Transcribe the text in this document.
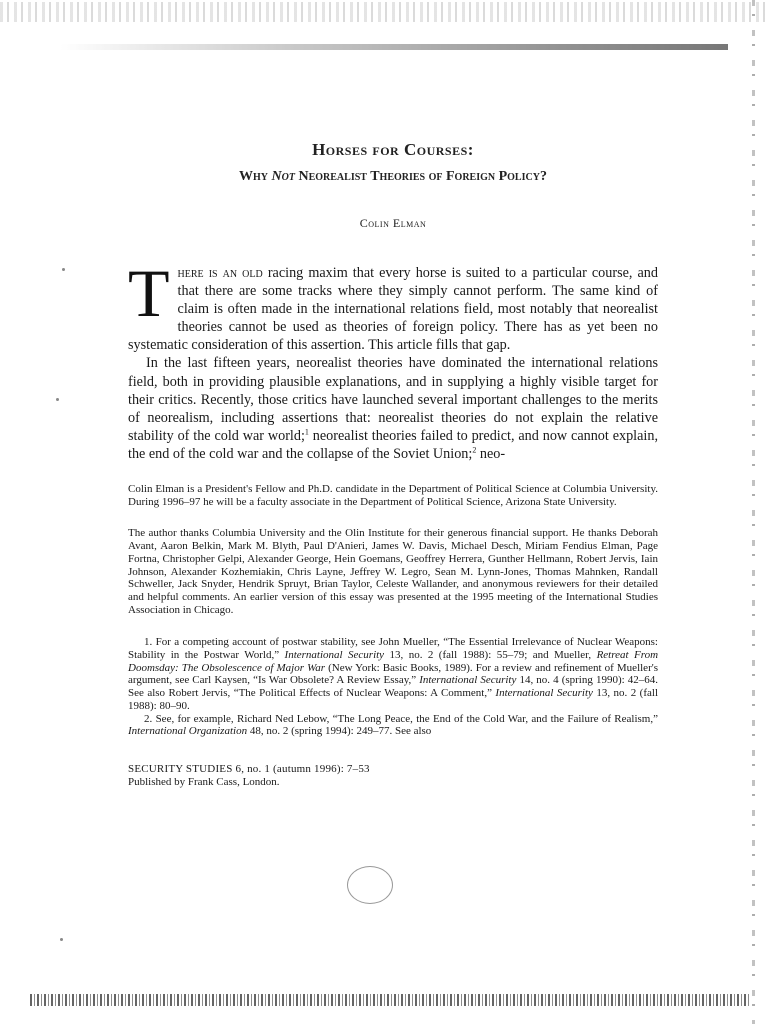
Horses for Courses:
Why Not Neorealist Theories of Foreign Policy?
Colin Elman

There is an old racing maxim that every horse is suited to a particular course, and that there are some tracks where they simply cannot perform. The same kind of claim is often made in the international relations field, most notably that neorealist theories cannot be used as theories of foreign policy. There has as yet been no systematic consideration of this assertion. This article fills that gap.

In the last fifteen years, neorealist theories have dominated the international relations field, both in providing plausible explanations, and in supplying a highly visible target for their critics. Recently, those critics have launched several important challenges to the merits of neorealism, including assertions that: neorealist theories do not explain the relative stability of the cold war world;$^1$ neorealist theories failed to predict, and now cannot explain, the end of the cold war and the collapse of the Soviet Union;$^2$ neo-

Colin Elman is a President's Fellow and Ph.D. candidate in the Department of Political Science at Columbia University. During 1996–97 he will be a faculty associate in the Department of Political Science, Arizona State University.
The author thanks Columbia University and the Olin Institute for their generous financial support. He thanks Deborah Avant, Aaron Belkin, Mark M. Blyth, Paul D'Anieri, James W. Davis, Michael Desch, Miriam Fendius Elman, Page Fortna, Christopher Gelpi, Alexander George, Hein Goemans, Geoffrey Herrera, Gunther Hellmann, Robert Jervis, Iain Johnson, Alexander Kozhemiakin, Chris Layne, Jeffrey W. Legro, Sean M. Lynn-Jones, Thomas Mahnken, Randall Schweller, Jack Snyder, Hendrik Spruyt, Brian Taylor, Celeste Wallander, and anonymous reviewers for their detailed and helpful comments. An earlier version of this essay was presented at the 1995 meeting of the International Studies Association in Chicago.

1. For a competing account of postwar stability, see John Mueller, “The Essential Irrelevance of Nuclear Weapons: Stability in the Postwar World,” International Security 13, no. 2 (fall 1988): 55–79; and Mueller, Retreat From Doomsday: The Obsolescence of Major War (New York: Basic Books, 1989). For a review and refinement of Mueller's argument, see Carl Kaysen, “Is War Obsolete? A Review Essay,” International Security 14, no. 4 (spring 1990): 42–64. See also Robert Jervis, “The Political Effects of Nuclear Weapons: A Comment,” International Security 13, no. 2 (fall 1988): 80–90.

2. See, for example, Richard Ned Lebow, “The Long Peace, the End of the Cold War, and the Failure of Realism,” International Organization 48, no. 2 (spring 1994): 249–77. See also

SECURITY STUDIES 6, no. 1 (autumn 1996): 7–53
Published by Frank Cass, London.
